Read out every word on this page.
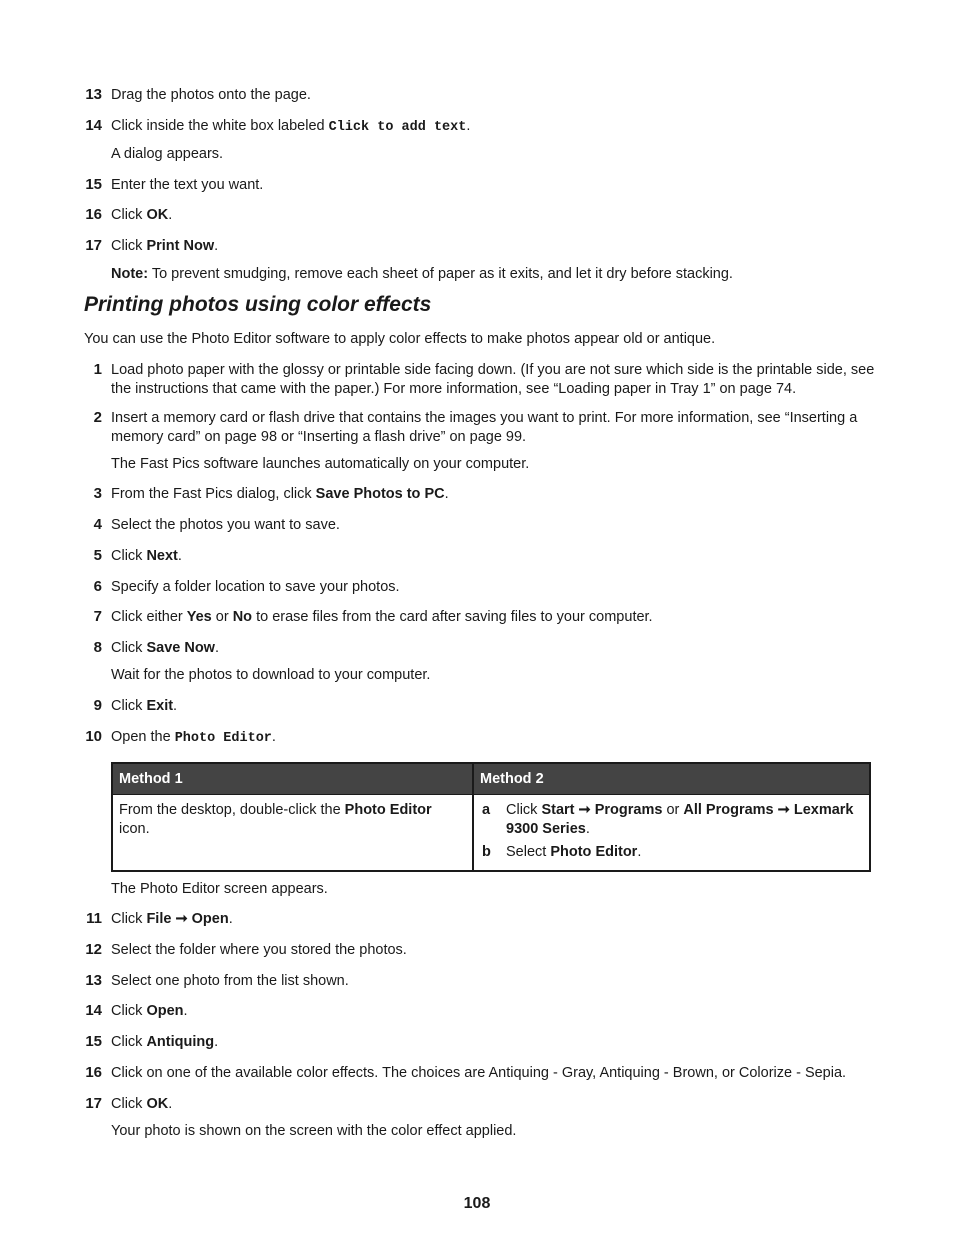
13 Drag the photos onto the page.
14 Click inside the white box labeled Click to add text.
A dialog appears.
15 Enter the text you want.
16 Click OK.
17 Click Print Now.
Note: To prevent smudging, remove each sheet of paper as it exits, and let it dry before stacking.
Printing photos using color effects
You can use the Photo Editor software to apply color effects to make photos appear old or antique.
1 Load photo paper with the glossy or printable side facing down. (If you are not sure which side is the printable side, see the instructions that came with the paper.) For more information, see “Loading paper in Tray 1” on page 74.
2 Insert a memory card or flash drive that contains the images you want to print. For more information, see “Inserting a memory card” on page 98 or “Inserting a flash drive” on page 99.
The Fast Pics software launches automatically on your computer.
3 From the Fast Pics dialog, click Save Photos to PC.
4 Select the photos you want to save.
5 Click Next.
6 Specify a folder location to save your photos.
7 Click either Yes or No to erase files from the card after saving files to your computer.
8 Click Save Now.
Wait for the photos to download to your computer.
9 Click Exit.
10 Open the Photo Editor.
Method 1	Method 2
From the desktop, double-click the Photo Editor icon.	a Click Start ➞ Programs or All Programs ➞ Lexmark 9300 Series.
b Select Photo Editor.
The Photo Editor screen appears.
11 Click File ➞ Open.
12 Select the folder where you stored the photos.
13 Select one photo from the list shown.
14 Click Open.
15 Click Antiquing.
16 Click on one of the available color effects. The choices are Antiquing - Gray, Antiquing - Brown, or Colorize - Sepia.
17 Click OK.
Your photo is shown on the screen with the color effect applied.
108
